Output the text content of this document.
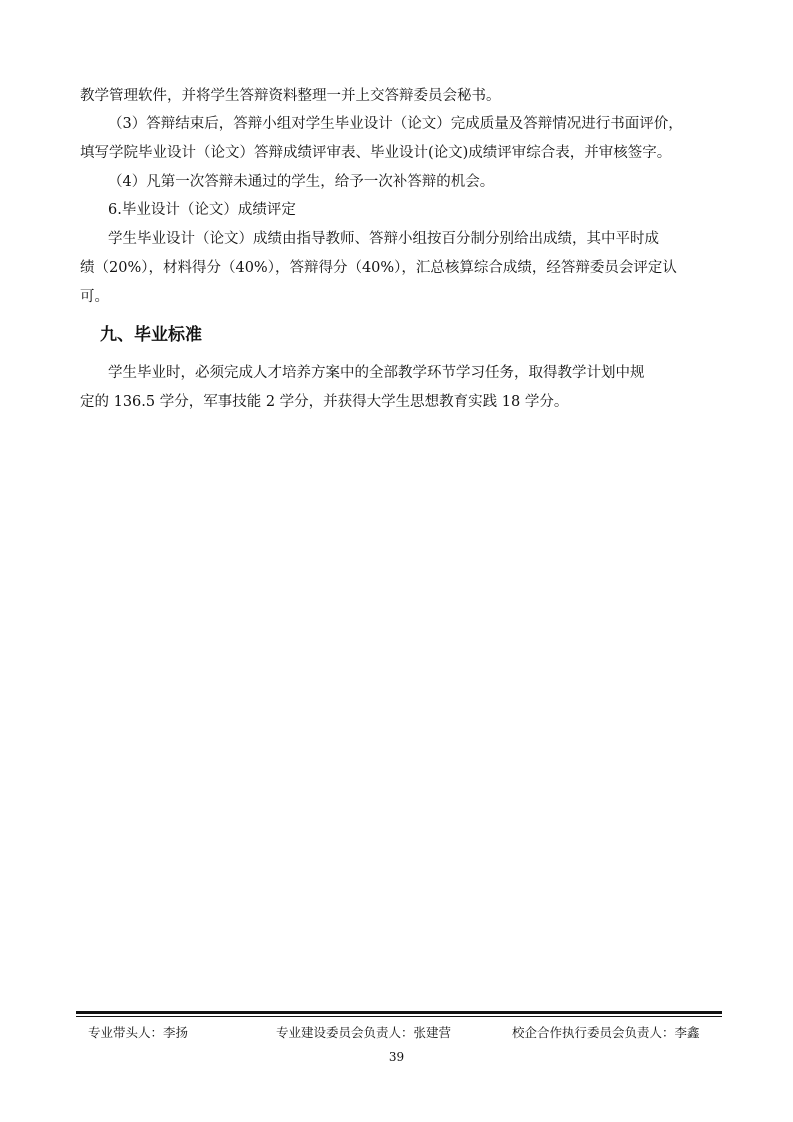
教学管理软件，并将学生答辩资料整理一并上交答辩委员会秘书。
（3）答辩结束后，答辩小组对学生毕业设计（论文）完成质量及答辩情况进行书面评价，
填写学院毕业设计（论文）答辩成绩评审表、毕业设计(论文)成绩评审综合表，并审核签字。
（4）凡第一次答辩未通过的学生，给予一次补答辩的机会。
6.毕业设计（论文）成绩评定
学生毕业设计（论文）成绩由指导教师、答辩小组按百分制分别给出成绩，其中平时成
绩（20%），材料得分（40%），答辩得分（40%），汇总核算综合成绩，经答辩委员会评定认
可。
九、毕业标准
学生毕业时，必须完成人才培养方案中的全部教学环节学习任务，取得教学计划中规
定的 136.5 学分，军事技能 2 学分，并获得大学生思想教育实践 18 学分。
专业带头人：李扬	专业建设委员会负责人：张建营	校企合作执行委员会负责人：李鑫
39
